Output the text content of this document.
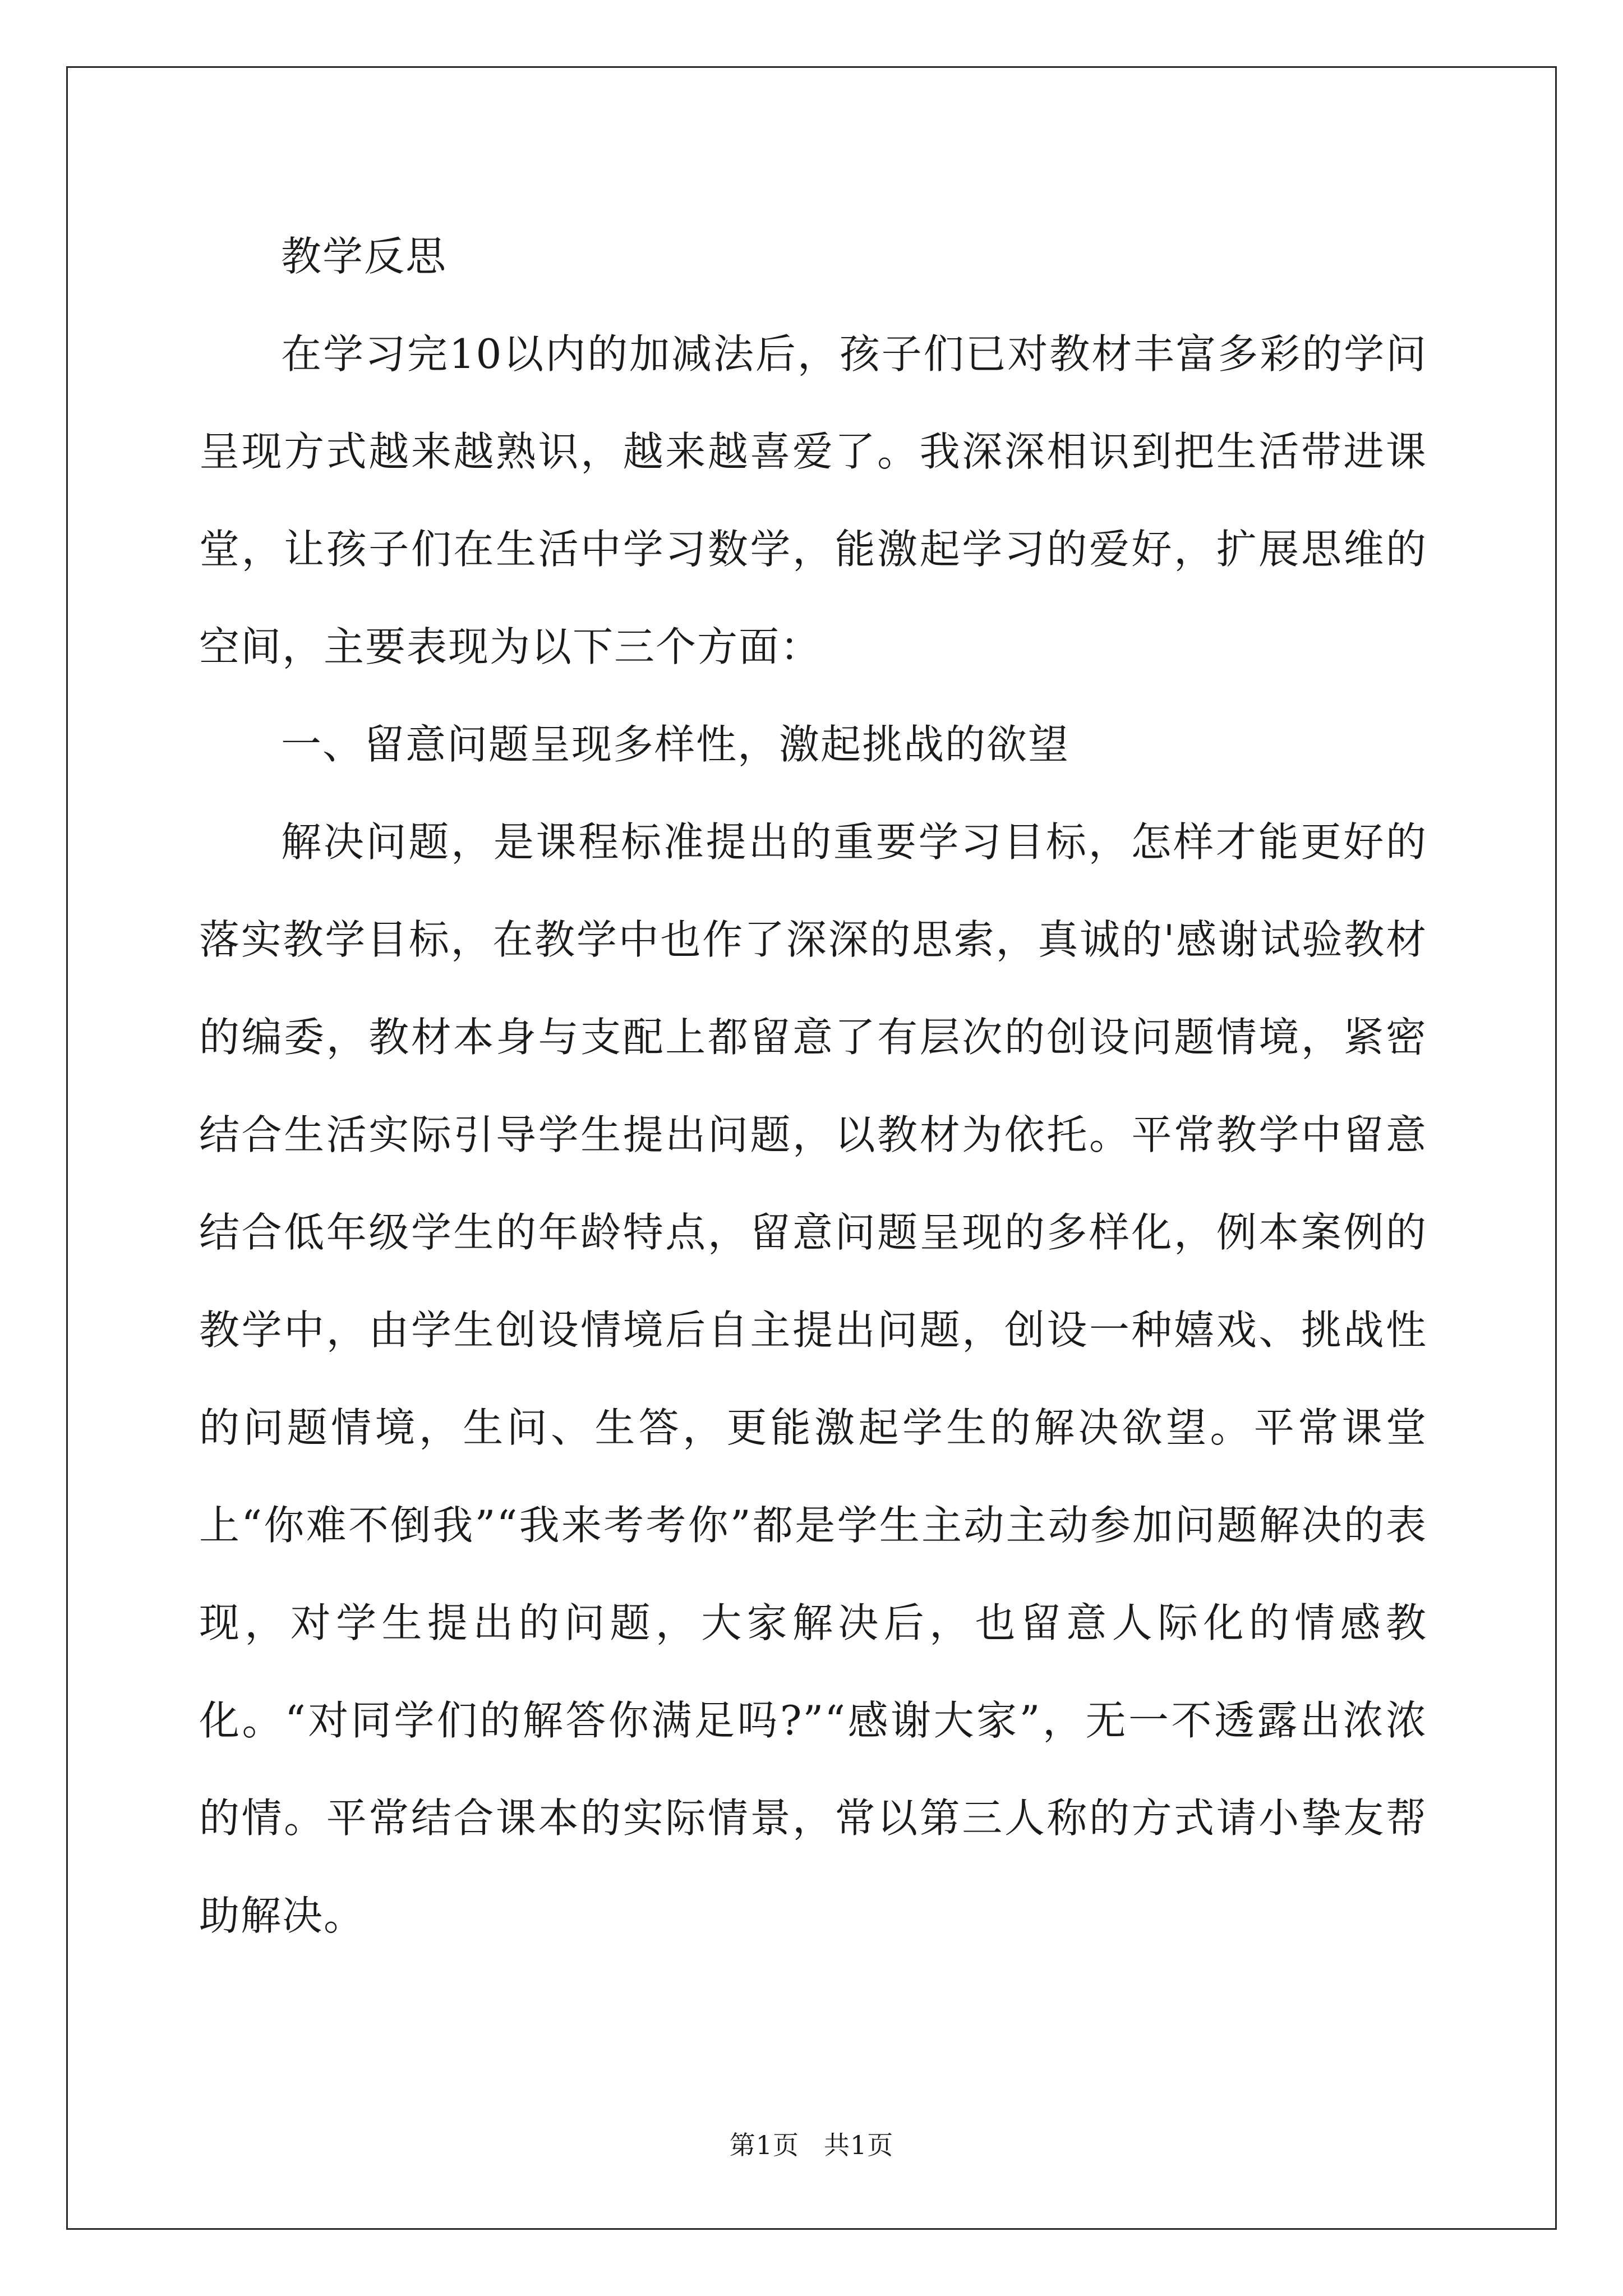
教学反思

在学习完10以内的加减法后，孩子们已对教材丰富多彩的学问呈现方式越来越熟识，越来越喜爱了。我深深相识到把生活带进课堂，让孩子们在生活中学习数学，能激起学习的爱好，扩展思维的空间，主要表现为以下三个方面：

一、留意问题呈现多样性，激起挑战的欲望

解决问题，是课程标准提出的重要学习目标，怎样才能更好的落实教学目标，在教学中也作了深深的思索，真诚的'感谢试验教材的编委，教材本身与支配上都留意了有层次的创设问题情境，紧密结合生活实际引导学生提出问题，以教材为依托。平常教学中留意结合低年级学生的年龄特点，留意问题呈现的多样化，例本案例的教学中，由学生创设情境后自主提出问题，创设一种嬉戏、挑战性的问题情境，生问、生答，更能激起学生的解决欲望。平常课堂上“你难不倒我”“我来考考你”都是学生主动主动参加问题解决的表现，对学生提出的问题，大家解决后，也留意人际化的情感教化。“对同学们的解答你满足吗?”“感谢大家”，无一不透露出浓浓的情。平常结合课本的实际情景，常以第三人称的方式请小挚友帮助解决。

第1页 共1页
